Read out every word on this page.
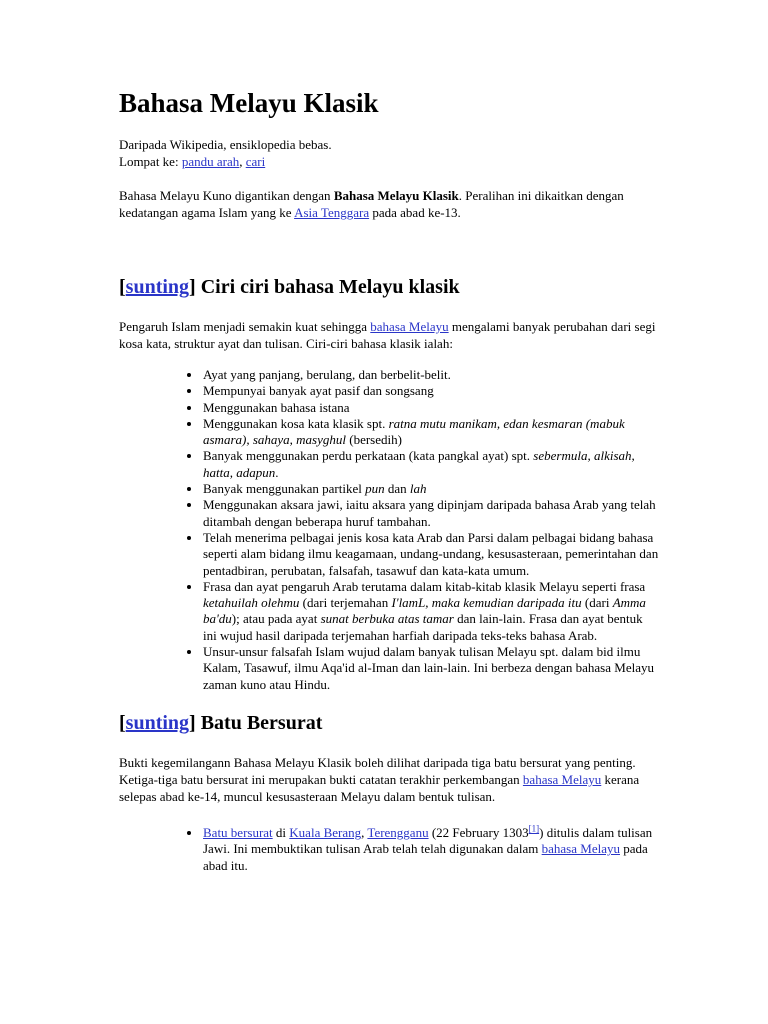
Bahasa Melayu Klasik

Daripada Wikipedia, ensiklopedia bebas.
Lompat ke: pandu arah, cari

Bahasa Melayu Kuno digantikan dengan Bahasa Melayu Klasik. Peralihan ini dikaitkan dengan kedatangan agama Islam yang ke Asia Tenggara pada abad ke-13.

[sunting] Ciri ciri bahasa Melayu klasik

Pengaruh Islam menjadi semakin kuat sehingga bahasa Melayu mengalami banyak perubahan dari segi kosa kata, struktur ayat dan tulisan. Ciri-ciri bahasa klasik ialah:

Ayat yang panjang, berulang, dan berbelit-belit.
Mempunyai banyak ayat pasif dan songsang
Menggunakan bahasa istana
Menggunakan kosa kata klasik spt. ratna mutu manikam, edan kesmaran (mabuk asmara), sahaya, masyghul (bersedih)
Banyak menggunakan perdu perkataan (kata pangkal ayat) spt. sebermula, alkisah, hatta, adapun.
Banyak menggunakan partikel pun dan lah
Menggunakan aksara jawi, iaitu aksara yang dipinjam daripada bahasa Arab yang telah ditambah dengan beberapa huruf tambahan.
Telah menerima pelbagai jenis kosa kata Arab dan Parsi dalam pelbagai bidang bahasa seperti alam bidang ilmu keagamaan, undang-undang, kesusasteraan, pemerintahan dan pentadbiran, perubatan, falsafah, tasawuf dan kata-kata umum.
Frasa dan ayat pengaruh Arab terutama dalam kitab-kitab klasik Melayu seperti frasa ketahuilah olehmu (dari terjemahan I'lamL, maka kemudian daripada itu (dari Amma ba'du); atau pada ayat sunat berbuka atas tamar dan lain-lain. Frasa dan ayat bentuk ini wujud hasil daripada terjemahan harfiah daripada teks-teks bahasa Arab.
Unsur-unsur falsafah Islam wujud dalam banyak tulisan Melayu spt. dalam bid ilmu Kalam, Tasawuf, ilmu Aqa'id al-Iman dan lain-lain. Ini berbeza dengan bahasa Melayu zaman kuno atau Hindu.
[sunting] Batu Bersurat

Bukti kegemilangann Bahasa Melayu Klasik boleh dilihat daripada tiga batu bersurat yang penting. Ketiga-tiga batu bersurat ini merupakan bukti catatan terakhir perkembangan bahasa Melayu kerana selepas abad ke-14, muncul kesusasteraan Melayu dalam bentuk tulisan.

Batu bersurat di Kuala Berang, Terengganu (22 February 1303[1]) ditulis dalam tulisan Jawi. Ini membuktikan tulisan Arab telah telah digunakan dalam bahasa Melayu pada abad itu.
